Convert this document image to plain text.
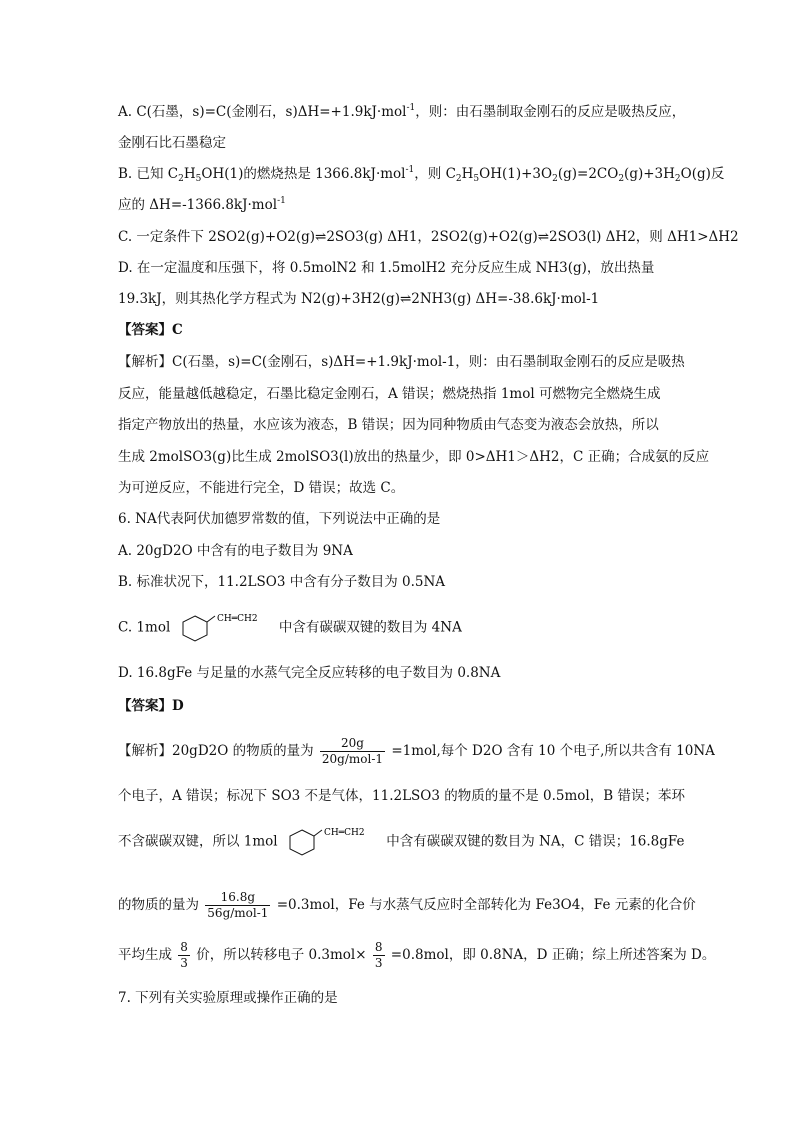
A. C(石墨，s)=C(金刚石，s)ΔH=+1.9kJ·mol$^{-1}$，则：由石墨制取金刚石的反应是吸热反应，
金刚石比石墨稳定
B. 已知 $C_2H_5OH(1)$的燃烧热是 1366.8kJ·mol$^{-1}$，则 $C_2H_5OH(1)+3O_2(g)=2CO_2(g)+3H_2O(g)$反
应的 ΔH=-1366.8kJ·mol$^{-1}$
C. 一定条件下 2SO2(g)+O2(g)⇌2SO3(g) ΔH1，2SO2(g)+O2(g)⇌2SO3(l) ΔH2，则 ΔH1>ΔH2
D. 在一定温度和压强下，将 0.5molN2 和 1.5molH2 充分反应生成 NH3(g)，放出热量
19.3kJ，则其热化学方程式为 N2(g)+3H2(g)⇌2NH3(g) ΔH=-38.6kJ·mol-1
【答案】C
【解析】C(石墨，s)=C(金刚石，s)ΔH=+1.9kJ·mol-1，则：由石墨制取金刚石的反应是吸热
反应，能量越低越稳定，石墨比稳定金刚石，A 错误；燃烧热指 1mol 可燃物完全燃烧生成
指定产物放出的热量，水应该为液态，B 错误；因为同种物质由气态变为液态会放热，所以
生成 2molSO3(g)比生成 2molSO3(l)放出的热量少，即 0>ΔH1＞ΔH2，C 正确；合成氨的反应
为可逆反应，不能进行完全，D 错误；故选 C。
6. NA代表阿伏加德罗常数的值，下列说法中正确的是
A. 20gD2O 中含有的电子数目为 9NA
B. 标准状况下，11.2LSO3 中含有分子数目为 0.5NA
C. 1mol
CH═CH2
中含有碳碳双键的数目为 4NA
D. 16.8gFe 与足量的水蒸气完全反应转移的电子数目为 0.8NA
【答案】D
【解析】20gD2O 的物质的量为 $\frac{20g}{\text{20g/mol-1}} =1mol$,每个 D2O 含有 10 个电子,所以共含有 10NA
个电子，A 错误；标况下 SO3 不是气体，11.2LSO3 的物质的量不是 0.5mol，B 错误；苯环
不含碳碳双键，所以 1mol
CH═CH2
中含有碳碳双键的数目为 NA，C 错误；16.8gFe
的物质的量为 $\frac{16.8g}{\text{56g/mol-1}} =0.3mol$，Fe 与水蒸气反应时全部转化为 Fe3O4，Fe 元素的化合价
平均生成 $\frac{8}{3}$ 价，所以转移电子 $0.3mol\times \frac{8}{3} =0.8mol$，即 0.8NA，D 正确；综上所述答案为 D。
7. 下列有关实验原理或操作正确的是
